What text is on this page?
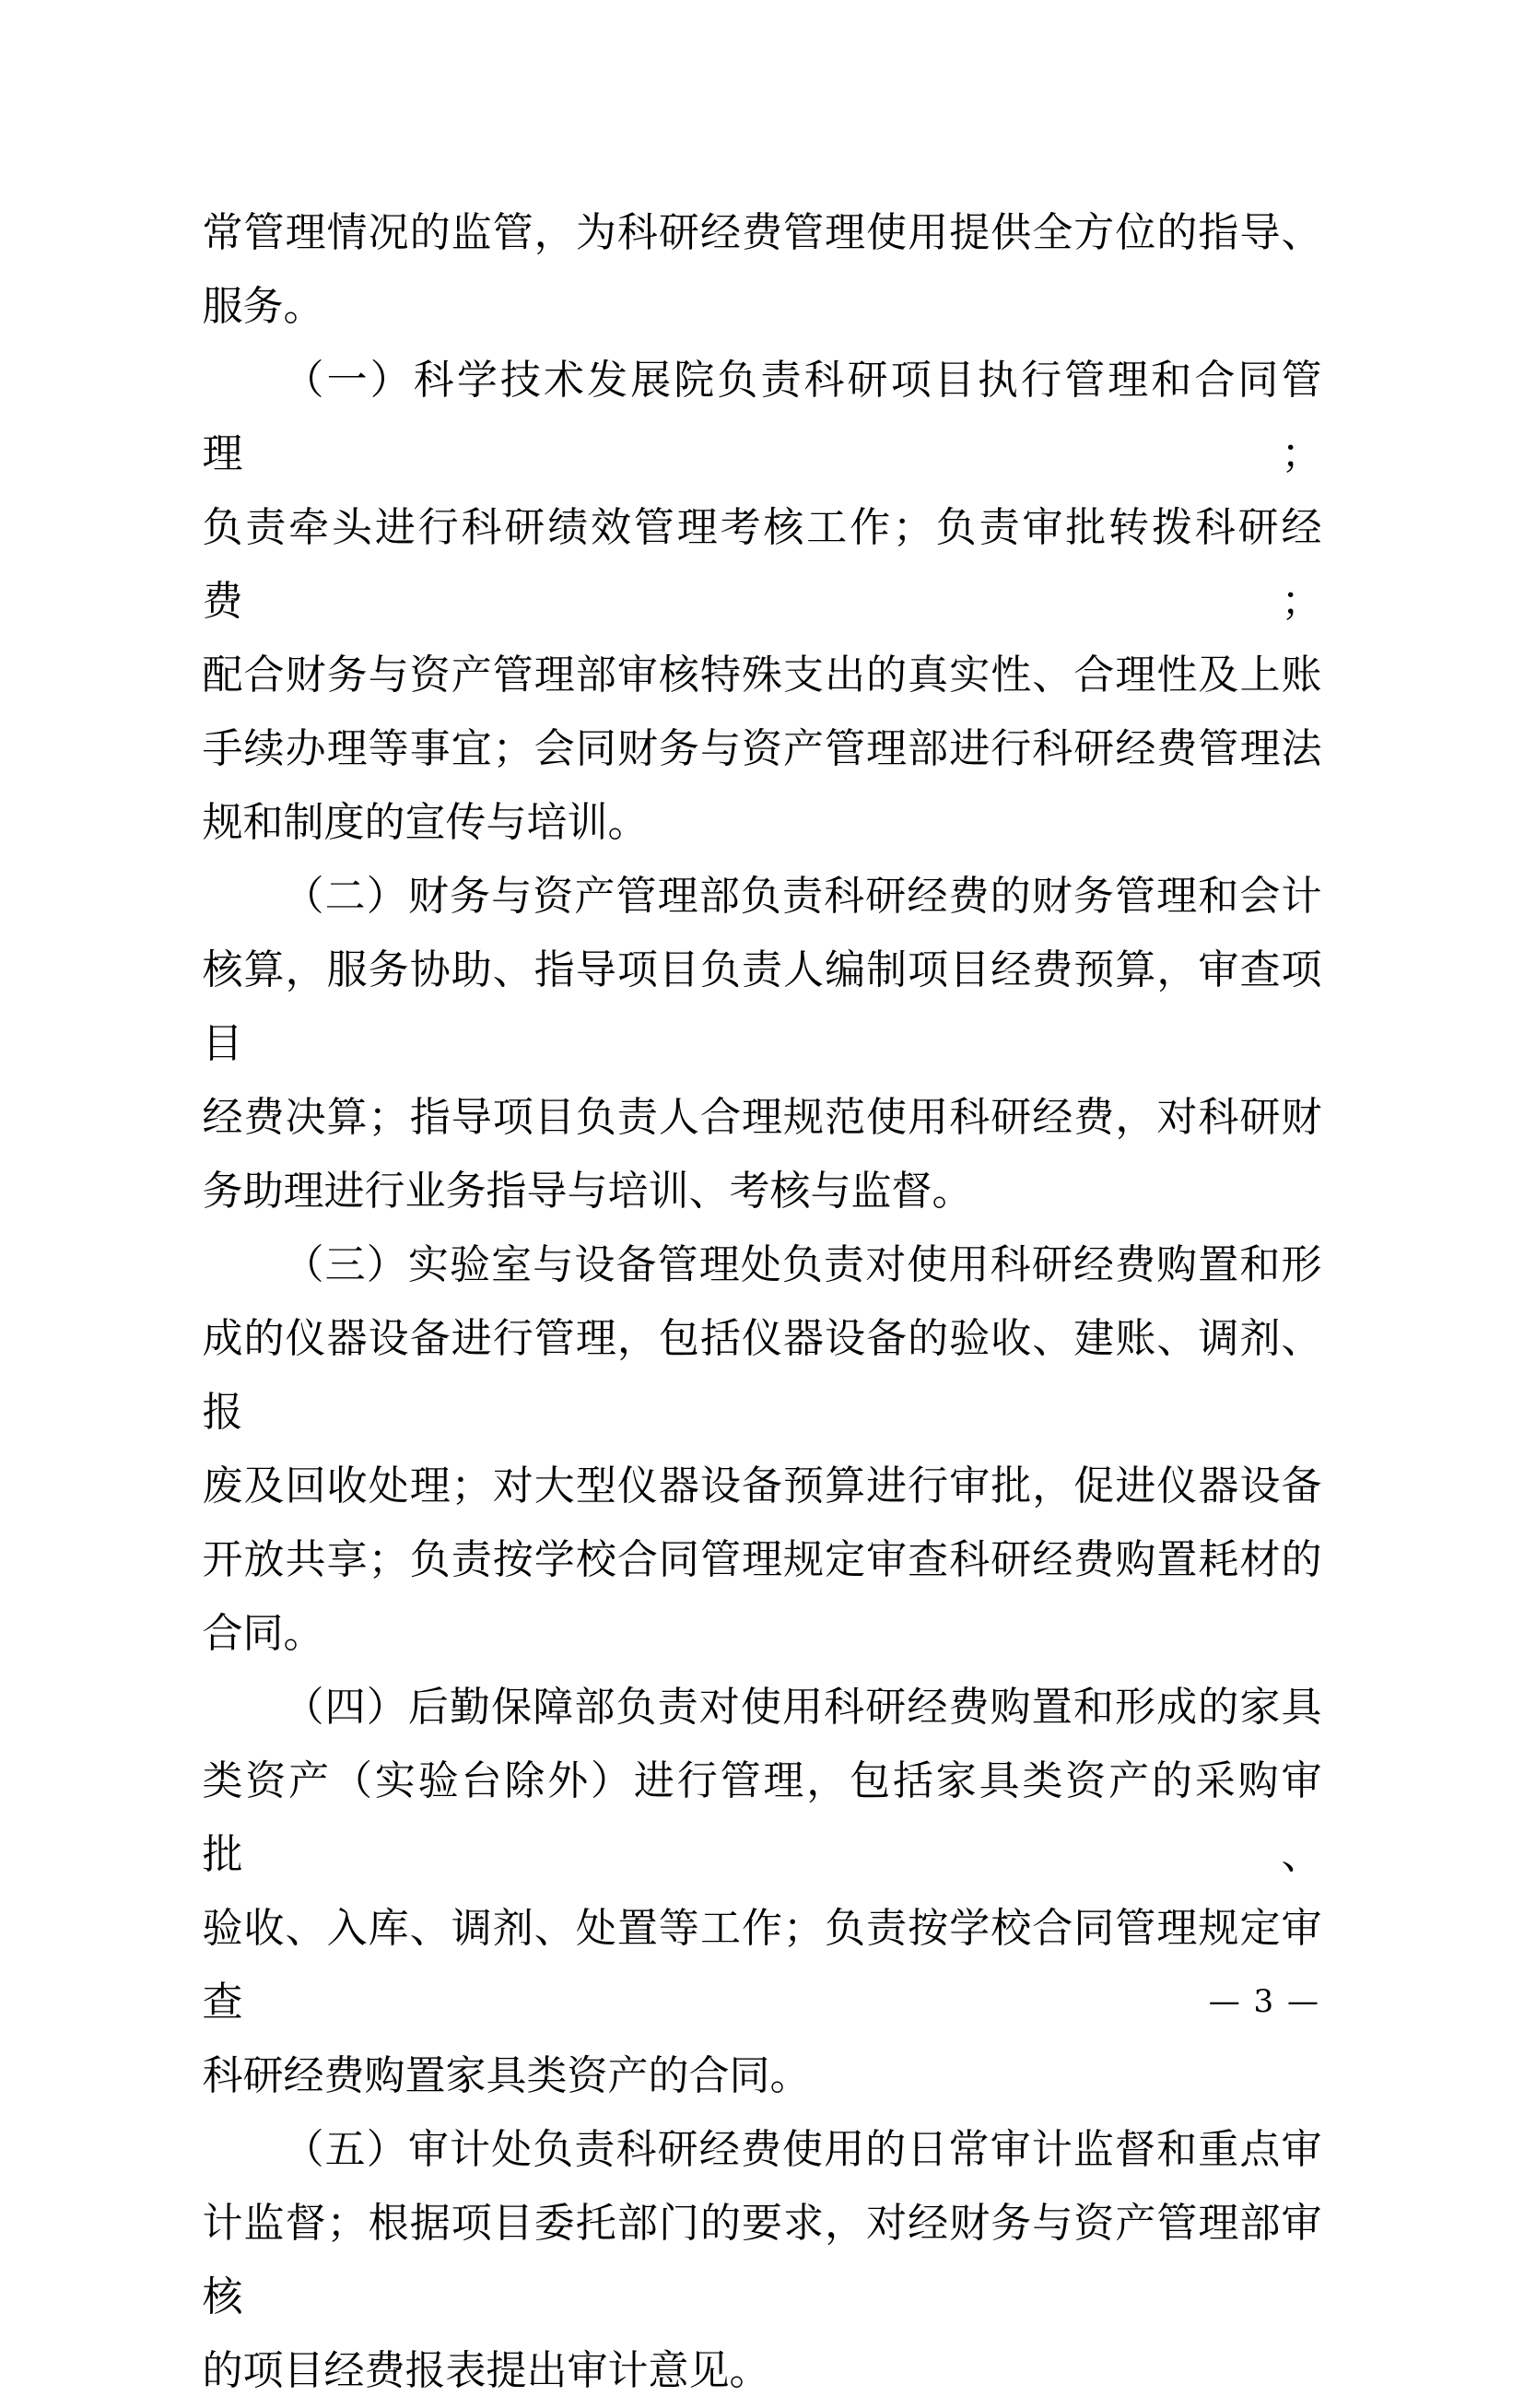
常管理情况的监管，为科研经费管理使用提供全方位的指导、
服务。
（一）科学技术发展院负责科研项目执行管理和合同管理；
负责牵头进行科研绩效管理考核工作；负责审批转拨科研经费；
配合财务与资产管理部审核特殊支出的真实性、合理性及上账
手续办理等事宜；会同财务与资产管理部进行科研经费管理法
规和制度的宣传与培训。
（二）财务与资产管理部负责科研经费的财务管理和会计
核算，服务协助、指导项目负责人编制项目经费预算，审查项目
经费决算；指导项目负责人合理规范使用科研经费，对科研财
务助理进行业务指导与培训、考核与监督。
（三）实验室与设备管理处负责对使用科研经费购置和形
成的仪器设备进行管理，包括仪器设备的验收、建账、调剂、报
废及回收处理；对大型仪器设备预算进行审批，促进仪器设备
开放共享；负责按学校合同管理规定审查科研经费购置耗材的
合同。
（四）后勤保障部负责对使用科研经费购置和形成的家具
类资产（实验台除外）进行管理，包括家具类资产的采购审批、
验收、入库、调剂、处置等工作；负责按学校合同管理规定审查
科研经费购置家具类资产的合同。
（五）审计处负责科研经费使用的日常审计监督和重点审
计监督；根据项目委托部门的要求，对经财务与资产管理部审核
的项目经费报表提出审计意见。
— 3 —
